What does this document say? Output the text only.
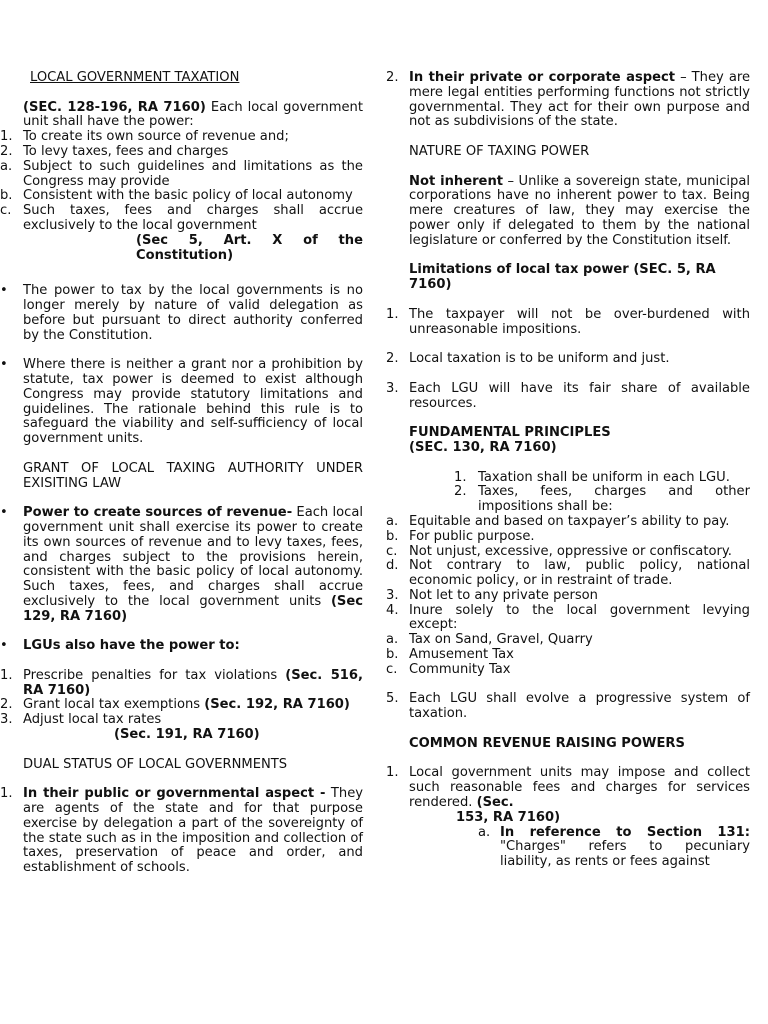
LOCAL GOVERNMENT TAXATION

(SEC. 128-196, RA 7160) Each local government unit shall have the power:

1. To create its own source of revenue and;
2. To levy taxes, fees and charges
a. Subject to such guidelines and limitations as the Congress may provide
b. Consistent with the basic policy of local autonomy
c. Such taxes, fees and charges shall accrue exclusively to the local government

(Sec 5, Art. X of the Constitution)

• The power to tax by the local governments is no longer merely by nature of valid delegation as before but pursuant to direct authority conferred by the Constitution.
• Where there is neither a grant nor a prohibition by statute, tax power is deemed to exist although Congress may provide statutory limitations and guidelines. The rationale behind this rule is to safeguard the viability and self-sufficiency of local government units.

GRANT OF LOCAL TAXING AUTHORITY UNDER EXISITING LAW

• Power to create sources of revenue- Each local government unit shall exercise its power to create its own sources of revenue and to levy taxes, fees, and charges subject to the provisions herein, consistent with the basic policy of local autonomy. Such taxes, fees, and charges shall accrue exclusively to the local government units (Sec 129, RA 7160)
• LGUs also have the power to:
1. Prescribe penalties for tax violations (Sec. 516, RA 7160)
2. Grant local tax exemptions (Sec. 192, RA 7160)
3. Adjust local tax rates

(Sec. 191, RA 7160)

DUAL STATUS OF LOCAL GOVERNMENTS

1. In their public or governmental aspect - They are agents of the state and for that purpose exercise by delegation a part of the sovereignty of the state such as in the imposition and collection of taxes, preservation of peace and order, and establishment of schools.
2. In their private or corporate aspect – They are mere legal entities performing functions not strictly governmental. They act for their own purpose and not as subdivisions of the state.

NATURE OF TAXING POWER

Not inherent – Unlike a sovereign state, municipal corporations have no inherent power to tax. Being mere creatures of law, they may exercise the power only if delegated to them by the national legislature or conferred by the Constitution itself.

Limitations of local tax power (SEC. 5, RA 7160)

1. The taxpayer will not be over-burdened with unreasonable impositions.
2. Local taxation is to be uniform and just.
3. Each LGU will have its fair share of available resources.

FUNDAMENTAL PRINCIPLES

(SEC. 130, RA 7160)

1. Taxation shall be uniform in each LGU.
2. Taxes, fees, charges and other impositions shall be:
a. Equitable and based on taxpayer’s ability to pay.
b. For public purpose.
c. Not unjust, excessive, oppressive or confiscatory.
d. Not contrary to law, public policy, national economic policy, or in restraint of trade.
3. Not let to any private person
4. Inure solely to the local government levying except:
a. Tax on Sand, Gravel, Quarry
b. Amusement Tax
c. Community Tax
5. Each LGU shall evolve a progressive system of taxation.

COMMON REVENUE RAISING POWERS

1. Local government units may impose and collect such reasonable fees and charges for services rendered. (Sec.

153, RA 7160)

a. In reference to Section 131: "Charges" refers to pecuniary liability, as rents or fees against
